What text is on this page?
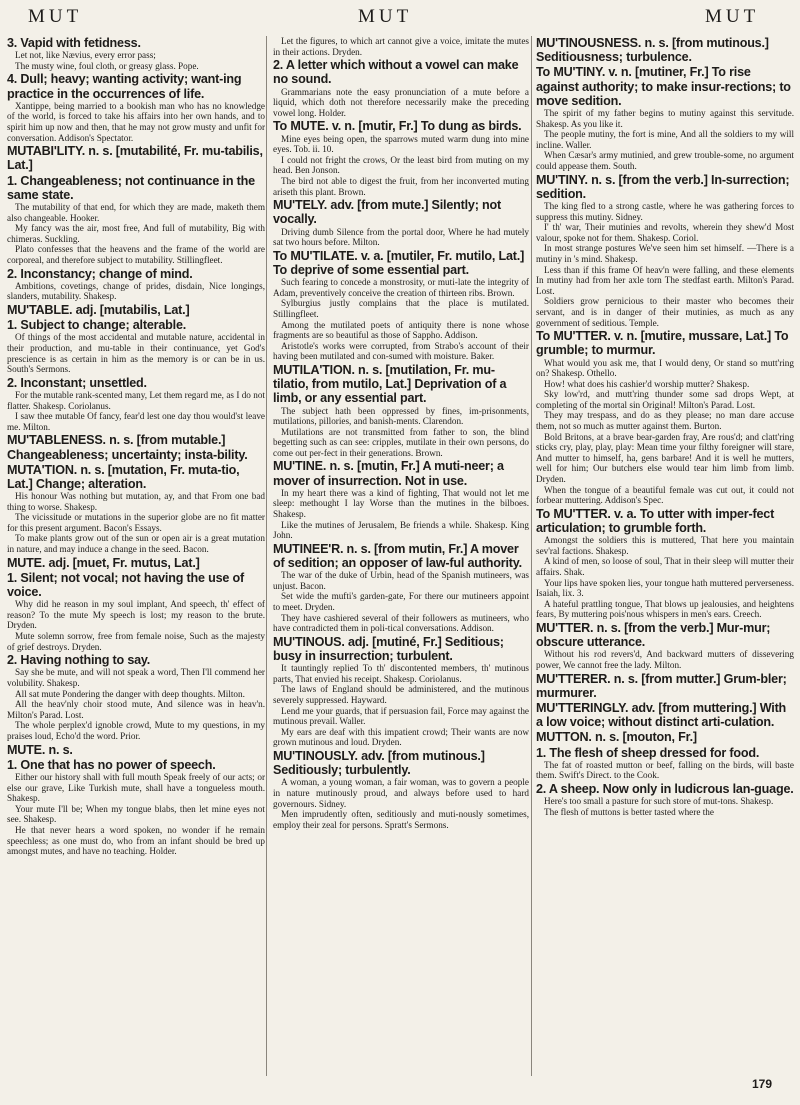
MUT	MUT	MUT
3. Vapid with fetidness.

Let not, like Nævius, every error pass;

The musty wine, foul cloth, or greasy glass. Pope.

4. Dull; heavy; wanting activity; want-ing practice in the occurrences of life.

Xantippe, being married to a bookish man who has no knowledge of the world, is forced to take his affairs into her own hands, and to spirit him up now and then, that he may not grow musty and unfit for conversation. Addison's Spectator.

MUTABI'LITY. n. s. [mutabilité, Fr. mu-tabilis, Lat.]
1. Changeableness; not continuance in the same state.

The mutability of that end, for which they are made, maketh them also changeable. Hooker.

My fancy was the air, most free, And full of mutability, Big with chimeras. Suckling.

Plato confesses that the heavens and the frame of the world are corporeal, and therefore subject to mutability. Stillingfleet.

2. Inconstancy; change of mind.

Ambitions, covetings, change of prides, disdain, Nice longings, slanders, mutability. Shakesp.

MU'TABLE. adj. [mutabilis, Lat.]
1. Subject to change; alterable.

Of things of the most accidental and mutable nature, accidental in their production, and mu-table in their continuance, yet God's prescience is as certain in him as the memory is or can be in us. South's Sermons.

2. Inconstant; unsettled.

For the mutable rank-scented many, Let them regard me, as I do not flatter. Shakesp. Coriolanus.

I saw thee mutable Of fancy, fear'd lest one day thou would'st leave me. Milton.

MU'TABLENESS. n. s. [from mutable.] Changeableness; uncertainty; insta-bility.
MUTA'TION. n. s. [mutation, Fr. muta-tio, Lat.] Change; alteration.

His honour Was nothing but mutation, ay, and that From one bad thing to worse. Shakesp.

The vicissitude or mutations in the superior globe are no fit matter for this present argument. Bacon's Essays.

To make plants grow out of the sun or open air is a great mutation in nature, and may induce a change in the seed. Bacon.

MUTE. adj. [muet, Fr. mutus, Lat.]
1. Silent; not vocal; not having the use of voice.

Why did he reason in my soul implant, And speech, th' effect of reason? To the mute My speech is lost; my reason to the brute. Dryden.

Mute solemn sorrow, free from female noise, Such as the majesty of grief destroys. Dryden.

2. Having nothing to say.

Say she be mute, and will not speak a word, Then I'll commend her volubility. Shakesp.

All sat mute Pondering the danger with deep thoughts. Milton.

All the heav'nly choir stood mute, And silence was in heav'n. Milton's Parad. Lost.

The whole perplex'd ignoble crowd, Mute to my questions, in my praises loud, Echo'd the word. Prior.

MUTE. n. s.
1. One that has no power of speech.

Either our history shall with full mouth Speak freely of our acts; or else our grave, Like Turkish mute, shall have a tongueless mouth. Shakesp.

Your mute I'll be; When my tongue blabs, then let mine eyes not see. Shakesp.

He that never hears a word spoken, no wonder if he remain speechless; as one must do, who from an infant should be bred up amongst mutes, and have no teaching. Holder.

Let the figures, to which art cannot give a voice, imitate the mutes in their actions. Dryden.

2. A letter which without a vowel can make no sound.

Grammarians note the easy pronunciation of a mute before a liquid, which doth not therefore necessarily make the preceding vowel long. Holder.

To MUTE. v. n. [mutir, Fr.] To dung as birds.

Mine eyes being open, the sparrows muted warm dung into mine eyes. Tob. ii. 10.

I could not fright the crows, Or the least bird from muting on my head. Ben Jonson.

The bird not able to digest the fruit, from her inconverted muting ariseth this plant. Brown.

MU'TELY. adv. [from mute.] Silently; not vocally.

Driving dumb Silence from the portal door, Where he had mutely sat two hours before. Milton.

To MU'TILATE. v. a. [mutiler, Fr. mutilo, Lat.] To deprive of some essential part.

Such fearing to concede a monstrosity, or muti-late the integrity of Adam, preventively conceive the creation of thirteen ribs. Brown.

Sylburgius justly complains that the place is mutilated. Stillingfleet.

Among the mutilated poets of antiquity there is none whose fragments are so beautiful as those of Sappho. Addison.

Aristotle's works were corrupted, from Strabo's account of their having been mutilated and con-sumed with moisture. Baker.

MUTILA'TION. n. s. [mutilation, Fr. mu-tilatio, from mutilo, Lat.] Deprivation of a limb, or any essential part.

The subject hath been oppressed by fines, im-prisonments, mutilations, pillories, and banish-ments. Clarendon.

Mutilations are not transmitted from father to son, the blind begetting such as can see: cripples, mutilate in their own persons, do come out per-fect in their generations. Brown.

MU'TINE. n. s. [mutin, Fr.] A muti-neer; a mover of insurrection. Not in use.

In my heart there was a kind of fighting, That would not let me sleep: methought I lay Worse than the mutines in the bilboes. Shakesp.

Like the mutines of Jerusalem, Be friends a while. Shakesp. King John.

MUTINEE'R. n. s. [from mutin, Fr.] A mover of sedition; an opposer of law-ful authority.

The war of the duke of Urbin, head of the Spanish mutineers, was unjust. Bacon.

Set wide the mufti's garden-gate, For there our mutineers appoint to meet. Dryden.

They have cashiered several of their followers as mutineers, who have contradicted them in poli-tical conversations. Addison.

MU'TINOUS. adj. [mutiné, Fr.] Seditious; busy in insurrection; turbulent.

It tauntingly replied To th' discontented members, th' mutinous parts, That envied his receipt. Shakesp. Coriolanus.

The laws of England should be administered, and the mutinous severely suppressed. Hayward.

Lend me your guards, that if persuasion fail, Force may against the mutinous prevail. Waller.

My ears are deaf with this impatient crowd; Their wants are now grown mutinous and loud. Dryden.

MU'TINOUSLY. adv. [from mutinous.] Seditiously; turbulently.

A woman, a young woman, a fair woman, was to govern a people in nature mutinously proud, and always before used to hard governours. Sidney.

Men imprudently often, seditiously and muti-nously sometimes, employ their zeal for persons. Spratt's Sermons.

MU'TINOUSNESS. n. s. [from mutinous.] Seditiousness; turbulence.
To MU'TINY. v. n. [mutiner, Fr.] To rise against authority; to make insur-rections; to move sedition.

The spirit of my father begins to mutiny against this servitude. Shakesp. As you like it.

The people mutiny, the fort is mine, And all the soldiers to my will incline. Waller.

When Cæsar's army mutinied, and grew trouble-some, no argument could appease them. South.

MU'TINY. n. s. [from the verb.] In-surrection; sedition.

The king fled to a strong castle, where he was gathering forces to suppress this mutiny. Sidney.

I' th' war, Their mutinies and revolts, wherein they shew'd Most valour, spoke not for them. Shakesp. Coriol.

In most strange postures We've seen him set himself. —There is a mutiny in 's mind. Shakesp.

Less than if this frame Of heav'n were falling, and these elements In mutiny had from her axle torn The stedfast earth. Milton's Parad. Lost.

Soldiers grow pernicious to their master who becomes their servant, and is in danger of their mutinies, as much as any government of seditious. Temple.

To MU'TTER. v. n. [mutire, mussare, Lat.] To grumble; to murmur.

What would you ask me, that I would deny, Or stand so mutt'ring on? Shakesp. Othello.

How! what does his cashier'd worship mutter? Shakesp.

Sky low'rd, and mutt'ring thunder some sad drops Wept, at completing of the mortal sin Original! Milton's Parad. Lost.

They may trespass, and do as they please; no man dare accuse them, not so much as mutter against them. Burton.

Bold Britons, at a brave bear-garden fray, Are rous'd; and clatt'ring sticks cry, play, play, play: Mean time your filthy foreigner will stare, And mutter to himself, ha, gens barbare! And it is well he mutters, well for him; Our butchers else would tear him limb from limb. Dryden.

When the tongue of a beautiful female was cut out, it could not forbear muttering. Addison's Spec.

To MU'TTER. v. a. To utter with imper-fect articulation; to grumble forth.

Amongst the soldiers this is muttered, That here you maintain sev'ral factions. Shakesp.

A kind of men, so loose of soul, That in their sleep will mutter their affairs. Shak.

Your lips have spoken lies, your tongue hath muttered perverseness. Isaiah, lix. 3.

A hateful prattling tongue, That blows up jealousies, and heightens fears, By muttering pois'nous whispers in men's ears. Creech.

MU'TTER. n. s. [from the verb.] Mur-mur; obscure utterance.

Without his rod revers'd, And backward mutters of dissevering power, We cannot free the lady. Milton.

MU'TTERER. n. s. [from mutter.] Grum-bler; murmurer.
MU'TTERINGLY. adv. [from muttering.] With a low voice; without distinct arti-culation.
MUTTON. n. s. [mouton, Fr.]
1. The flesh of sheep dressed for food.

The fat of roasted mutton or beef, falling on the birds, will baste them. Swift's Direct. to the Cook.

2. A sheep. Now only in ludicrous lan-guage.

Here's too small a pasture for such store of mut-tons. Shakesp.

The flesh of muttons is better tasted where the

179
